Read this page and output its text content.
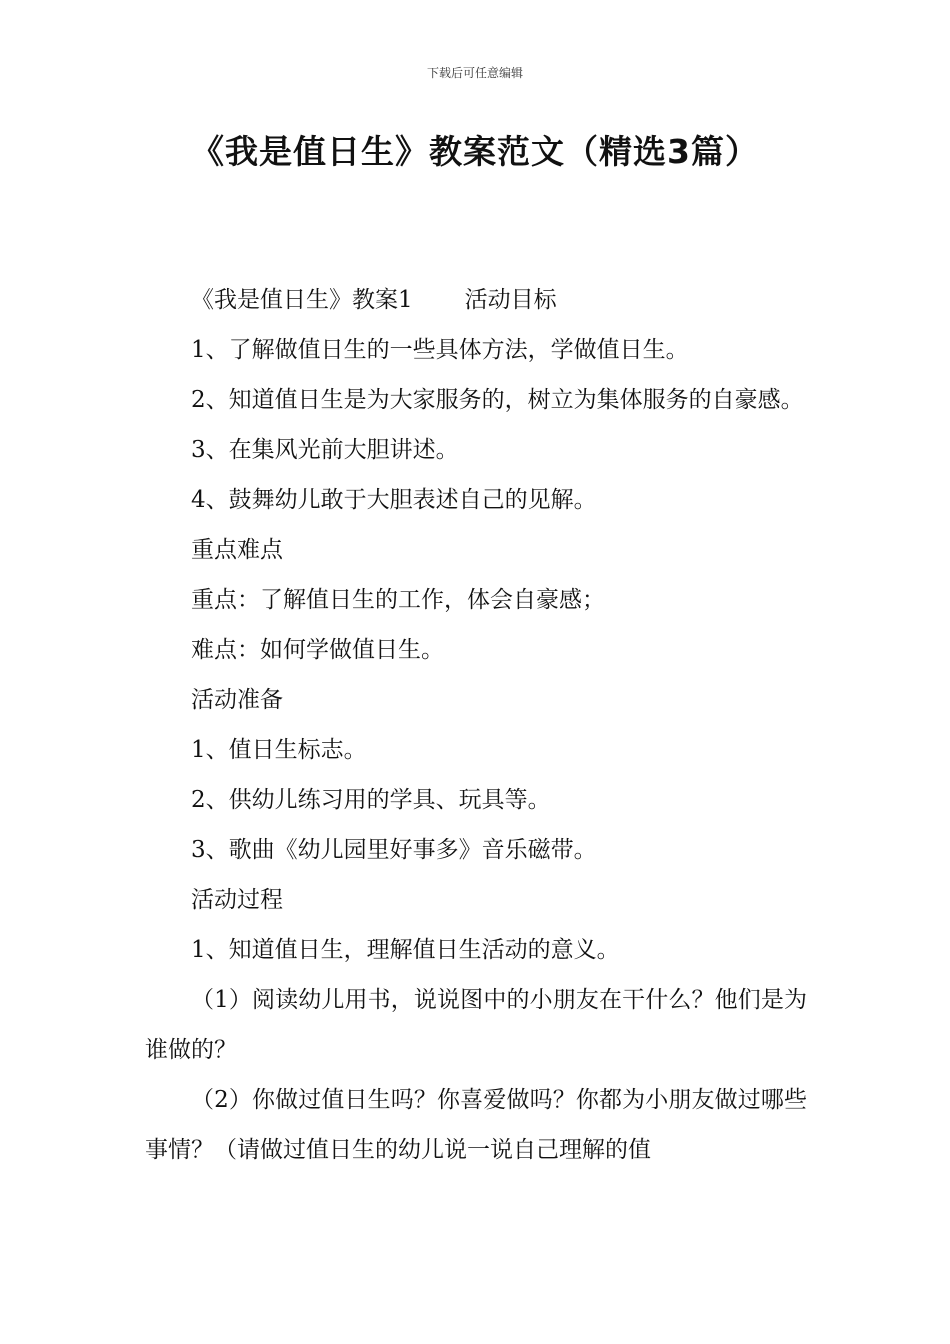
下载后可任意编辑
《我是值日生》教案范文（精选3篇）

《我是值日生》教案1 活动目标

1、了解做值日生的一些具体方法，学做值日生。

2、知道值日生是为大家服务的，树立为集体服务的自豪感。

3、在集风光前大胆讲述。

4、鼓舞幼儿敢于大胆表述自己的见解。

重点难点

重点：了解值日生的工作，体会自豪感；

难点：如何学做值日生。

活动准备

1、值日生标志。

2、供幼儿练习用的学具、玩具等。

3、歌曲《幼儿园里好事多》音乐磁带。

活动过程

1、知道值日生，理解值日生活动的意义。

（1）阅读幼儿用书，说说图中的小朋友在干什么？他们是为谁做的？

（2）你做过值日生吗？你喜爱做吗？你都为小朋友做过哪些事情？（请做过值日生的幼儿说一说自己理解的值
